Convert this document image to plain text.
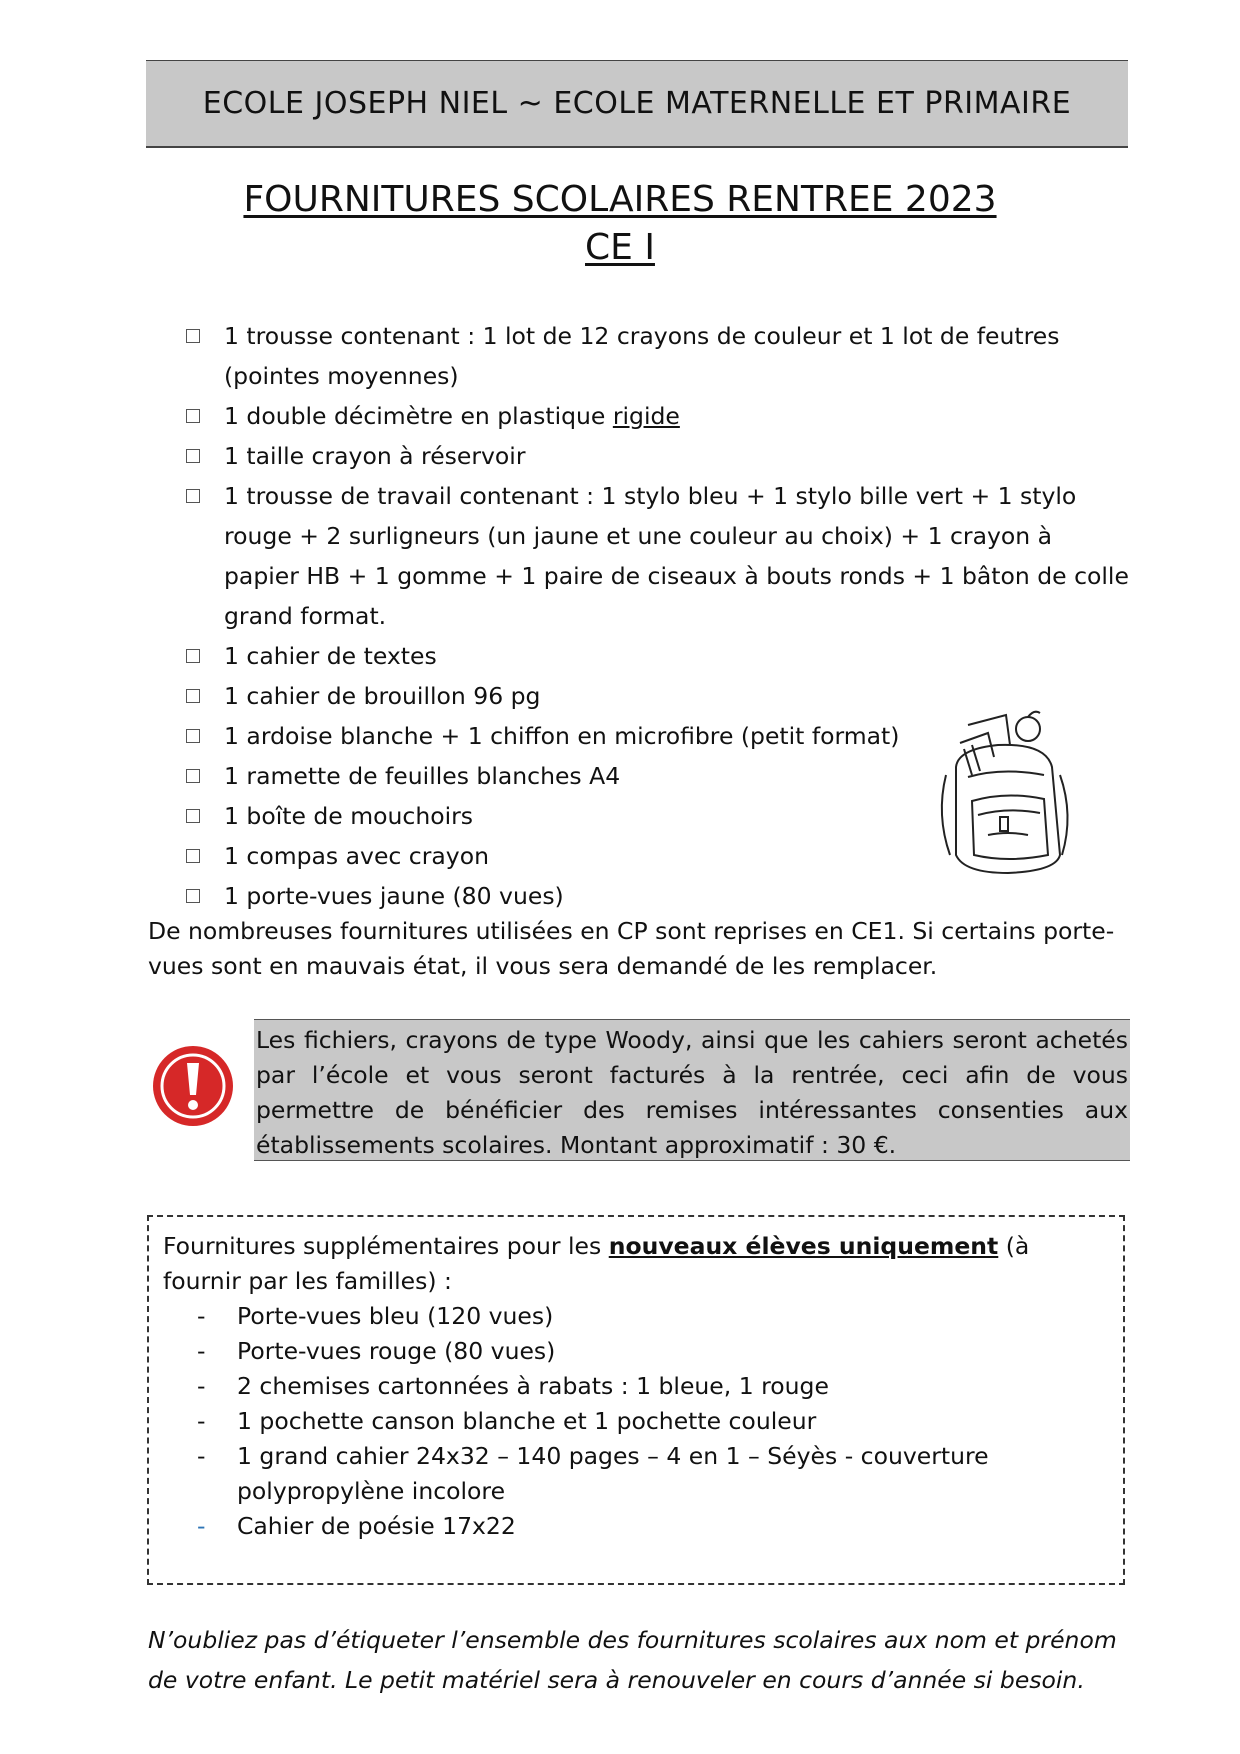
ECOLE JOSEPH NIEL ~ ECOLE MATERNELLE ET PRIMAIRE
FOURNITURES SCOLAIRES RENTREE 2023
CE I
1 trousse contenant : 1 lot de 12 crayons de couleur et 1 lot de feutres (pointes moyennes)
1 double décimètre en plastique rigide
1 taille crayon à réservoir
1 trousse de travail contenant : 1 stylo bleu + 1 stylo bille vert + 1 stylo rouge + 2 surligneurs (un jaune et une couleur au choix) + 1 crayon à papier HB + 1 gomme + 1 paire de ciseaux à bouts ronds + 1 bâton de colle grand format.
1 cahier de textes
1 cahier de brouillon 96 pg
1 ardoise blanche + 1 chiffon en microfibre (petit format)
1 ramette de feuilles blanches A4
1 boîte de mouchoirs
1 compas avec crayon
1 porte-vues jaune (80 vues)
De nombreuses fournitures utilisées en CP sont reprises en CE1. Si certains porte-vues sont en mauvais état, il vous sera demandé de les remplacer.
Les fichiers, crayons de type Woody, ainsi que les cahiers seront achetés par l’école et vous seront facturés à la rentrée, ceci afin de vous permettre de bénéficier des remises intéressantes consenties aux établissements scolaires. Montant approximatif : 30 €.
Fournitures supplémentaires pour les nouveaux élèves uniquement (à fournir par les familles) :
- Porte-vues bleu (120 vues)
- Porte-vues rouge (80 vues)
- 2 chemises cartonnées à rabats : 1 bleue, 1 rouge
- 1 pochette canson blanche et 1 pochette couleur
- 1 grand cahier 24x32 – 140 pages – 4 en 1 – Séyès - couverture polypropylène incolore
- Cahier de poésie 17x22
N’oubliez pas d’étiqueter l’ensemble des fournitures scolaires aux nom et prénom de votre enfant. Le petit matériel sera à renouveler en cours d’année si besoin.
